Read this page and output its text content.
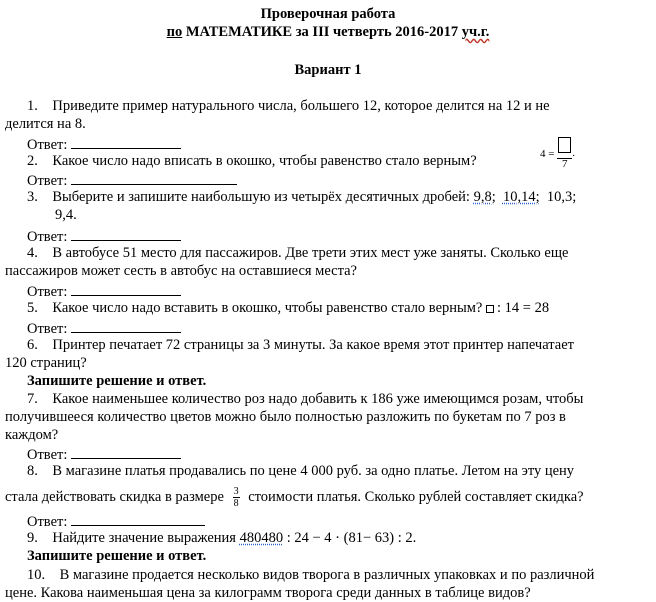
Проверочная работа
по МАТЕМАТИКЕ за III четверть 2016-2017 уч.г.
Вариант 1
1. Приведите пример натурального числа, большего 12, которое делится на 12 и не
делится на 8.
Ответ:
2. Какое число надо вписать в окошко, чтобы равенство стало верным?	4 =
7
.
Ответ:
3. Выберите и запишите наибольшую из четырёх десятичных дробей: 9,8; 10,14; 10,3;
9,4.
Ответ:
4. В автобусе 51 место для пассажиров. Две трети этих мест уже заняты. Сколько еще
пассажиров может сесть в автобус на оставшиеся места?
Ответ:
5. Какое число надо вставить в окошко, чтобы равенство стало верным? : 14 = 28
Ответ:
6. Принтер печатает 72 страницы за 3 минуты. За какое время этот принтер напечатает
120 страниц?
Запишите решение и ответ.
7. Какое наименьшее количество роз надо добавить к 186 уже имеющимся розам, чтобы
получившееся количество цветов можно было полностью разложить по букетам по 7 роз в
каждом?
Ответ:
8. В магазине платья продавались по цене 4 000 руб. за одно платье. Летом на эту цену
стала действовать скидка в размере $\frac{3}{8}$ стоимости платья. Сколько рублей составляет скидка?
Ответ:
9. Найдите значение выражения 480480 : 24 − 4 · (81− 63) : 2.
Запишите решение и ответ.
10. В магазине продается несколько видов творога в различных упаковках и по различной
цене. Какова наименьшая цена за килограмм творога среди данных в таблице видов?
